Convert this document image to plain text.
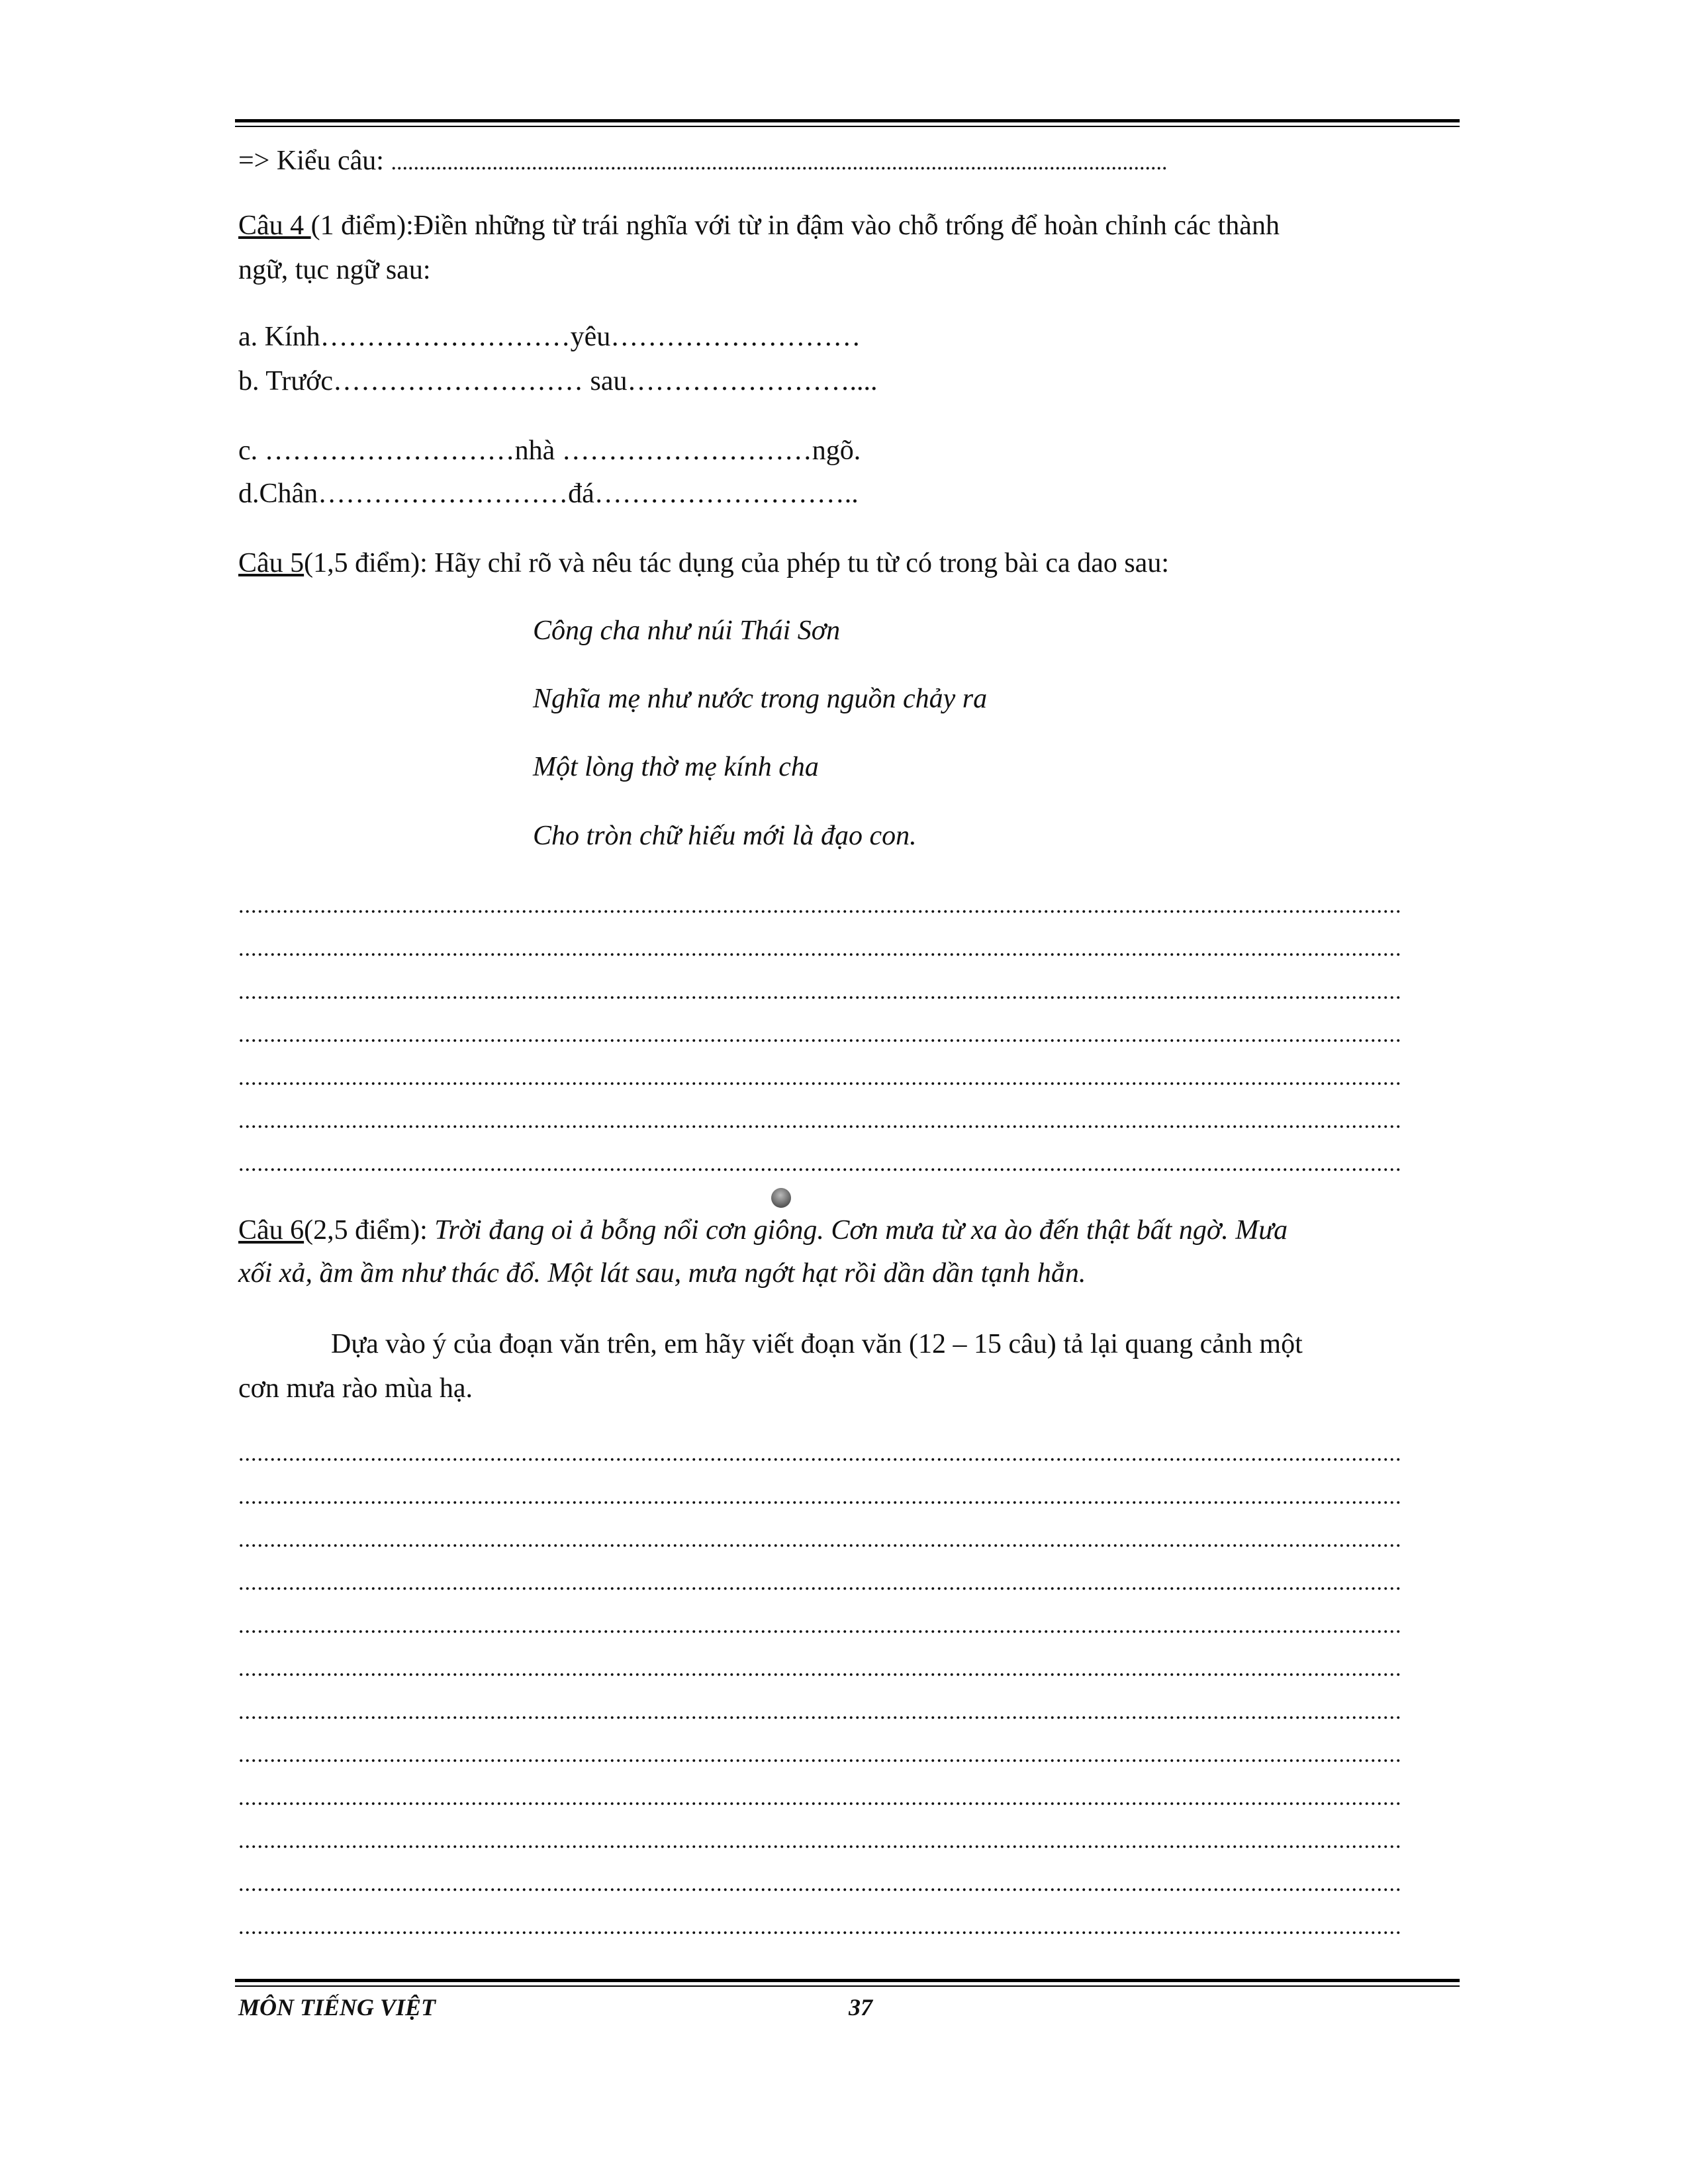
=> Kiểu câu: ..........................................................................................................................................
Câu 4 (1 điểm):Điền những từ trái nghĩa với từ in đậm vào chỗ trống để hoàn chỉnh các thành
ngữ, tục ngữ sau:
a. Kính………………………yêu………………………
b. Trước……………………… sau……………………....
c. ………………………nhà ………………………ngõ.
d.Chân………………………đá………………………..
Câu 5(1,5 điểm): Hãy chỉ rõ và nêu tác dụng của phép tu từ có trong bài ca dao sau:
Công cha như núi Thái Sơn
Nghĩa mẹ như nước trong nguồn chảy ra
Một lòng thờ mẹ kính cha
Cho tròn chữ hiếu mới là đạo con.
.........................................................................................................................................................................................
.........................................................................................................................................................................................
.........................................................................................................................................................................................
.........................................................................................................................................................................................
.........................................................................................................................................................................................
.........................................................................................................................................................................................
.........................................................................................................................................................................................
Câu 6(2,5 điểm): Trời đang oi ả bỗng nổi cơn giông. Cơn mưa từ xa ào đến thật bất ngờ. Mưa
xối xả, ầm ầm như thác đổ. Một lát sau, mưa ngớt hạt rồi dần dần tạnh hẳn.
Dựa vào ý của đoạn văn trên, em hãy viết đoạn văn (12 – 15 câu) tả lại quang cảnh một
cơn mưa rào mùa hạ.
.........................................................................................................................................................................................
.........................................................................................................................................................................................
.........................................................................................................................................................................................
.........................................................................................................................................................................................
.........................................................................................................................................................................................
.........................................................................................................................................................................................
.........................................................................................................................................................................................
.........................................................................................................................................................................................
.........................................................................................................................................................................................
.........................................................................................................................................................................................
.........................................................................................................................................................................................
.........................................................................................................................................................................................
MÔN TIẾNG VIỆT	37
